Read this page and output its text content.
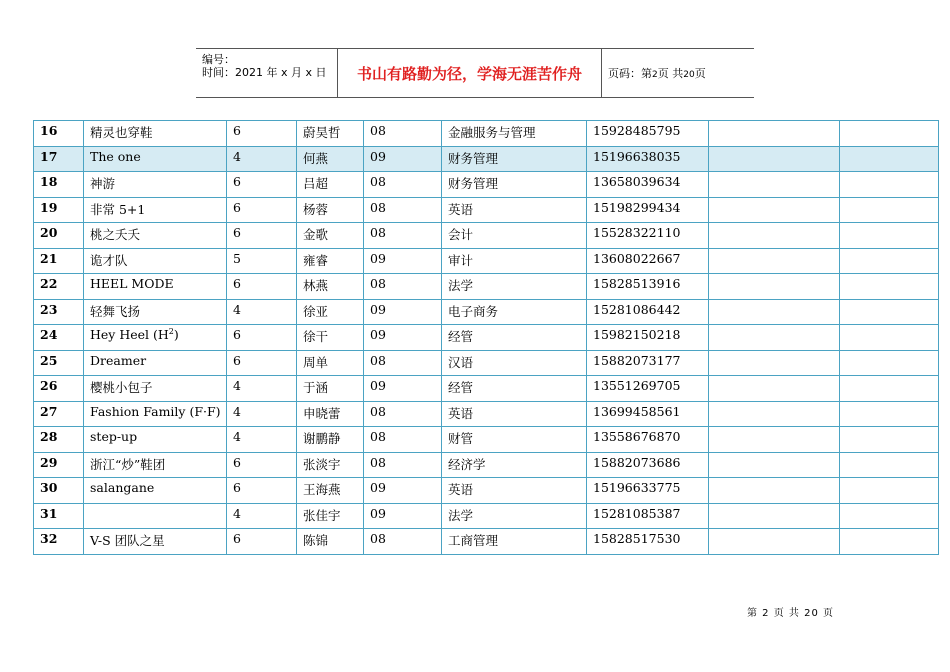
编号：
时间：2021 年 x 月 x 日 书山有路勤为径，学海无涯苦作舟	页码：第2页 共20页
16	精灵也穿鞋	6	蔚昊哲	08	金融服务与管理	15928485795		
17	The one	4	何燕	09	财务管理	15196638035		
18	神游	6	吕超	08	财务管理	13658039634		
19	非常 5+1	6	杨蓉	08	英语	15198299434		
20	桃之夭夭	6	金歌	08	会计	15528322110		
21	诡才队	5	雍睿	09	审计	13608022667		
22	HEEL MODE	6	林燕	08	法学	15828513916		
23	轻舞飞扬	4	徐亚	09	电子商务	15281086442		
24	Hey Heel $(H^2)$	6	徐干	09	经管	15982150218		
25	Dreamer	6	周单	08	汉语	15882073177		
26	樱桃小包子	4	于涵	09	经管	13551269705		
27	Fashion Family (F·F)	4	申晓蕾	08	英语	13699458561		
28	step-up	4	谢鹏静	08	财管	13558676870		
29	浙江“炒”鞋团	6	张淡宇	08	经济学	15882073686		
30	salangane	6	王海燕	09	英语	15196633775		
31		4	张佳宇	09	法学	15281085387		
32	V-S 团队之星	6	陈锦	08	工商管理	15828517530		
第 2 页 共 20 页
